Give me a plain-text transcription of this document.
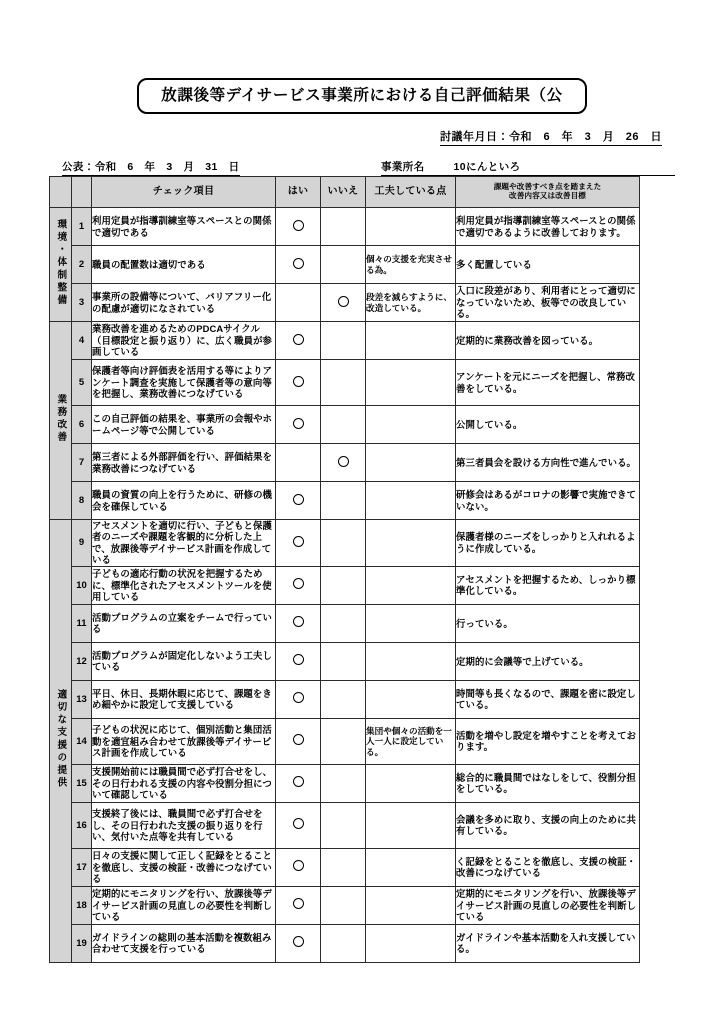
放課後等デイサービス事業所における自己評価結果（公
討議年月日：令和　6　年　3　月　26　日
公表：令和　6　年　3　月　31　日	事業所名	10にんといろ
		チェック項目	はい	いいえ	工夫している点	課題や改善すべき点を踏まえた
改善内容又は改善目標

環境・体制整備	1	利用定員が指導訓練室等スペースとの関係で適切である				利用定員が指導訓練室等スペースとの関係で適切であるように改善しております。
	2	職員の配置数は適切である			個々の支援を充実させる為。	多く配置している
	3	事業所の設備等について、バリアフリー化の配慮が適切になされている			段差を減らすように、改造している。	入口に段差があり、利用者にとって適切になっていないため、板等での改良している。
業務改善	4	業務改善を進めるためのPDCAサイクル（目標設定と振り返り）に、広く職員が参画している				定期的に業務改善を図っている。
	5	保護者等向け評価表を活用する等によりアンケート調査を実施して保護者等の意向等を把握し、業務改善につなげている				アンケートを元にニーズを把握し、常務改善をしている。
	6	この自己評価の結果を、事業所の会報やホームページ等で公開している				公開している。
	7	第三者による外部評価を行い、評価結果を業務改善につなげている				第三者員会を設ける方向性で進んでいる。
	8	職員の資質の向上を行うために、研修の機会を確保している				研修会はあるがコロナの影響で実施できていない。
適切な支援の提供	9	アセスメントを適切に行い、子どもと保護者のニーズや課題を客観的に分析した上で、放課後等デイサービス計画を作成している				保護者様のニーズをしっかりと入れれるように作成している。
	10	子どもの適応行動の状況を把握するために、標準化されたアセスメントツールを使用している				アセスメントを把握するため、しっかり標準化している。
	11	活動プログラムの立案をチームで行っている				行っている。
	12	活動プログラムが固定化しないよう工夫している				定期的に会議等で上げている。
	13	平日、休日、長期休暇に応じて、課題をきめ細やかに設定して支援している				時間等も長くなるので、課題を密に設定している。
	14	子どもの状況に応じて、個別活動と集団活動を適宜組み合わせて放課後等デイサービス計画を作成している			集団や個々の活動を一人一人に設定している。	活動を増やし設定を増やすことを考えております。
	15	支援開始前には職員間で必ず打合せをし、その日行われる支援の内容や役割分担について確認している				総合的に職員間ではなしをして、役割分担をしている。
	16	支援終了後には、職員間で必ず打合せをし、その日行われた支援の振り返りを行い、気付いた点等を共有している				会議を多めに取り、支援の向上のために共有している。
	17	日々の支援に関して正しく記録をとることを徹底し、支援の検証・改善につなげている				く記録をとることを徹底し、支援の検証・改善につなげている
	18	定期的にモニタリングを行い、放課後等デイサービス計画の見直しの必要性を判断している				定期的にモニタリングを行い、放課後等デイサービス計画の見直しの必要性を判断している
	19	ガイドラインの総則の基本活動を複数組み合わせて支援を行っている				ガイドラインや基本活動を入れ支援している。
